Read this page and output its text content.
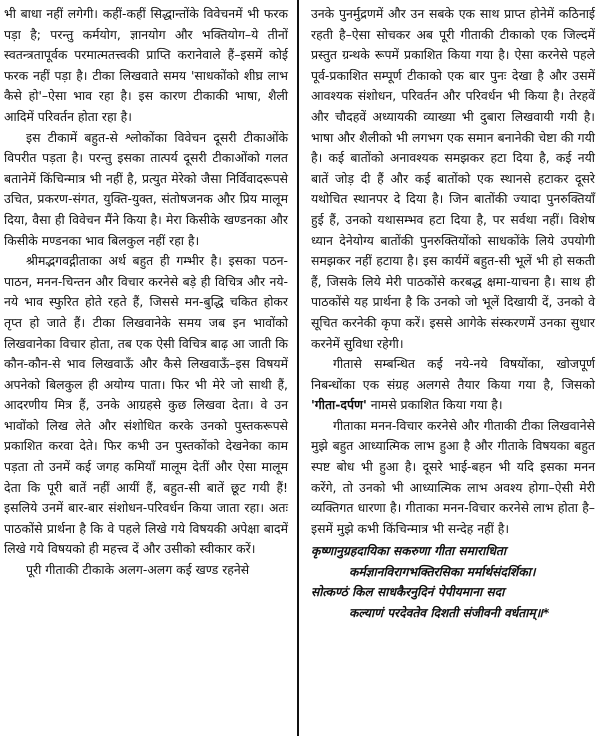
भी बाधा नहीं लगेगी। कहीं-कहीं सिद्धान्तोंके विवेचनमें भी फरक पड़ा है; परन्तु कर्मयोग, ज्ञानयोग और भक्तियोग–ये तीनों स्वतन्त्रतापूर्वक परमात्मतत्त्वकी प्राप्ति करानेवाले हैं–इसमें कोई फरक नहीं पड़ा है। टीका लिखवाते समय 'साधकोंको शीघ्र लाभ कैसे हो'–ऐसा भाव रहा है। इस कारण टीकाकी भाषा, शैली आदिमें परिवर्तन होता रहा है।

इस टीकामें बहुत-से श्लोकोंका विवेचन दूसरी टीकाओंके विपरीत पड़ता है। परन्तु इसका तात्पर्य दूसरी टीकाओंको गलत बतानेमें किंचिन्मात्र भी नहीं है, प्रत्युत मेरेको जैसा निर्विवादरूपसे उचित, प्रकरण-संगत, युक्ति-युक्त, संतोषजनक और प्रिय मालूम दिया, वैसा ही विवेचन मैंने किया है। मेरा किसीके खण्डनका और किसीके मण्डनका भाव बिलकुल नहीं रहा है।

श्रीमद्भगवद्गीताका अर्थ बहुत ही गम्भीर है। इसका पठन-पाठन, मनन-चिन्तन और विचार करनेसे बड़े ही विचित्र और नये-नये भाव स्फुरित होते रहते हैं, जिससे मन-बुद्धि चकित होकर तृप्त हो जाते हैं। टीका लिखवानेके समय जब इन भावोंको लिखवानेका विचार होता, तब एक ऐसी विचित्र बाढ़ आ जाती कि कौन-कौन-से भाव लिखवाऊँ और कैसे लिखवाऊँ–इस विषयमें अपनेको बिलकुल ही अयोग्य पाता। फिर भी मेरे जो साथी हैं, आदरणीय मित्र हैं, उनके आग्रहसे कुछ लिखवा देता। वे उन भावोंको लिख लेते और संशोधित करके उनको पुस्तकरूपसे प्रकाशित करवा देते। फिर कभी उन पुस्तकोंको देखनेका काम पड़ता तो उनमें कई जगह कमियाँ मालूम देतीं और ऐसा मालूम देता कि पूरी बातें नहीं आयीं हैं, बहुत-सी बातें छूट गयी हैं! इसलिये उनमें बार-बार संशोधन-परिवर्धन किया जाता रहा। अतः पाठकोंसे प्रार्थना है कि वे पहले लिखे गये विषयकी अपेक्षा बादमें लिखे गये विषयको ही महत्त्व दें और उसीको स्वीकार करें।

पूरी गीताकी टीकाके अलग-अलग कई खण्ड रहनेसे

उनके पुनर्मुद्रणमें और उन सबके एक साथ प्राप्त होनेमें कठिनाई रहती है–ऐसा सोचकर अब पूरी गीताकी टीकाको एक जिल्दमें प्रस्तुत ग्रन्थके रूपमें प्रकाशित किया गया है। ऐसा करनेसे पहले पूर्व-प्रकाशित सम्पूर्ण टीकाको एक बार पुनः देखा है और उसमें आवश्यक संशोधन, परिवर्तन और परिवर्धन भी किया है। तेरहवें और चौदहवें अध्यायकी व्याख्या भी दुबारा लिखवायी गयी है। भाषा और शैलीको भी लगभग एक समान बनानेकी चेष्टा की गयी है। कई बातोंको अनावश्यक समझकर हटा दिया है, कई नयी बातें जोड़ दी हैं और कई बातोंको एक स्थानसे हटाकर दूसरे यथोचित स्थानपर दे दिया है। जिन बातोंकी ज्यादा पुनरुक्तियाँ हुई हैं, उनको यथासम्भव हटा दिया है, पर सर्वथा नहीं। विशेष ध्यान देनेयोग्य बातोंकी पुनरुक्तियोंको साधकोंके लिये उपयोगी समझकर नहीं हटाया है। इस कार्यमें बहुत-सी भूलें भी हो सकती हैं, जिसके लिये मेरी पाठकोंसे करबद्ध क्षमा-याचना है। साथ ही पाठकोंसे यह प्रार्थना है कि उनको जो भूलें दिखायी दें, उनको वे सूचित करनेकी कृपा करें। इससे आगेके संस्करणमें उनका सुधार करनेमें सुविधा रहेगी।

गीतासे सम्बन्धित कई नये-नये विषयोंका, खोजपूर्ण निबन्धोंका एक संग्रह अलगसे तैयार किया गया है, जिसको 'गीता-दर्पण' नामसे प्रकाशित किया गया है।

गीताका मनन-विचार करनेसे और गीताकी टीका लिखवानेसे मुझे बहुत आध्यात्मिक लाभ हुआ है और गीताके विषयका बहुत स्पष्ट बोध भी हुआ है। दूसरे भाई-बहन भी यदि इसका मनन करेंगे, तो उनको भी आध्यात्मिक लाभ अवश्य होगा–ऐसी मेरी व्यक्तिगत धारणा है। गीताका मनन-विचार करनेसे लाभ होता है–इसमें मुझे कभी किंचिन्मात्र भी सन्देह नहीं है।

कृष्णानुग्रहदायिका सकरुणा गीता समाराधिता
कर्मज्ञानविरागभक्तिरसिका मर्मार्थसंदर्शिका।
सोत्कण्ठं किल साधकैरनुदिनं पेपीयमाना सदा
कल्याणं परदेवतेव दिशती संजीवनी वर्धताम्॥*
